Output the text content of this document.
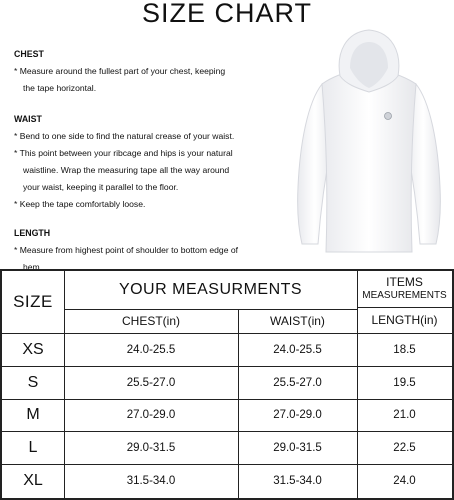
SIZE CHART
CHEST
* Measure around the fullest part of your chest, keeping
the tape horizontal.
WAIST
* Bend to one side to find the natural crease of your waist.
* This point between your ribcage and hips is your natural
waistline. Wrap the measuring tape all the way around
your waist, keeping it parallel to the floor.
* Keep the tape comfortably loose.
LENGTH
* Measure from highest point of shoulder to bottom edge of
hem
SIZE
YOUR MEASURMENTS	ITEMS
MEASUREMENTS
CHEST(in)	WAIST(in)	LENGTH(in)
XS	24.0-25.5	24.0-25.5	18.5
S	25.5-27.0	25.5-27.0	19.5
M	27.0-29.0	27.0-29.0	21.0
L	29.0-31.5	29.0-31.5	22.5
XL	31.5-34.0	31.5-34.0	24.0
